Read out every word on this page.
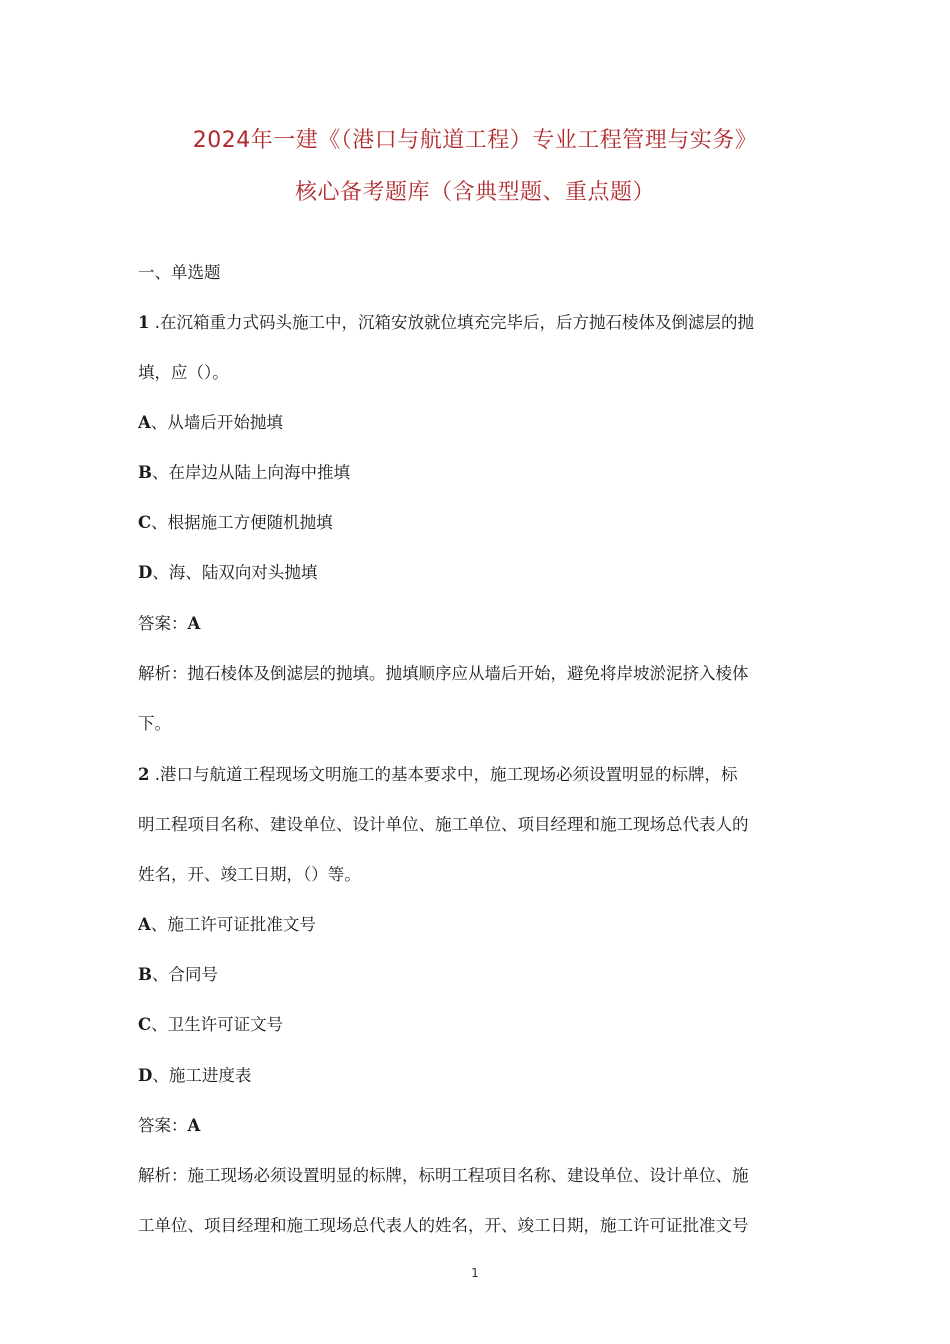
2024年一建《（港口与航道工程）专业工程管理与实务》
核心备考题库（含典型题、重点题）
一、单选题
1 .在沉箱重力式码头施工中，沉箱安放就位填充完毕后，后方抛石棱体及倒滤层的抛
填，应（）。
A、从墙后开始抛填
B、在岸边从陆上向海中推填
C、根据施工方便随机抛填
D、海、陆双向对头抛填
答案：A
解析：抛石棱体及倒滤层的抛填。抛填顺序应从墙后开始，避免将岸坡淤泥挤入棱体
下。
2 .港口与航道工程现场文明施工的基本要求中，施工现场必须设置明显的标牌，标
明工程项目名称、建设单位、设计单位、施工单位、项目经理和施工现场总代表人的
姓名，开、竣工日期，（）等。
A、施工许可证批准文号
B、合同号
C、卫生许可证文号
D、施工进度表
答案：A
解析：施工现场必须设置明显的标牌，标明工程项目名称、建设单位、设计单位、施
工单位、项目经理和施工现场总代表人的姓名，开、竣工日期，施工许可证批准文号
1
